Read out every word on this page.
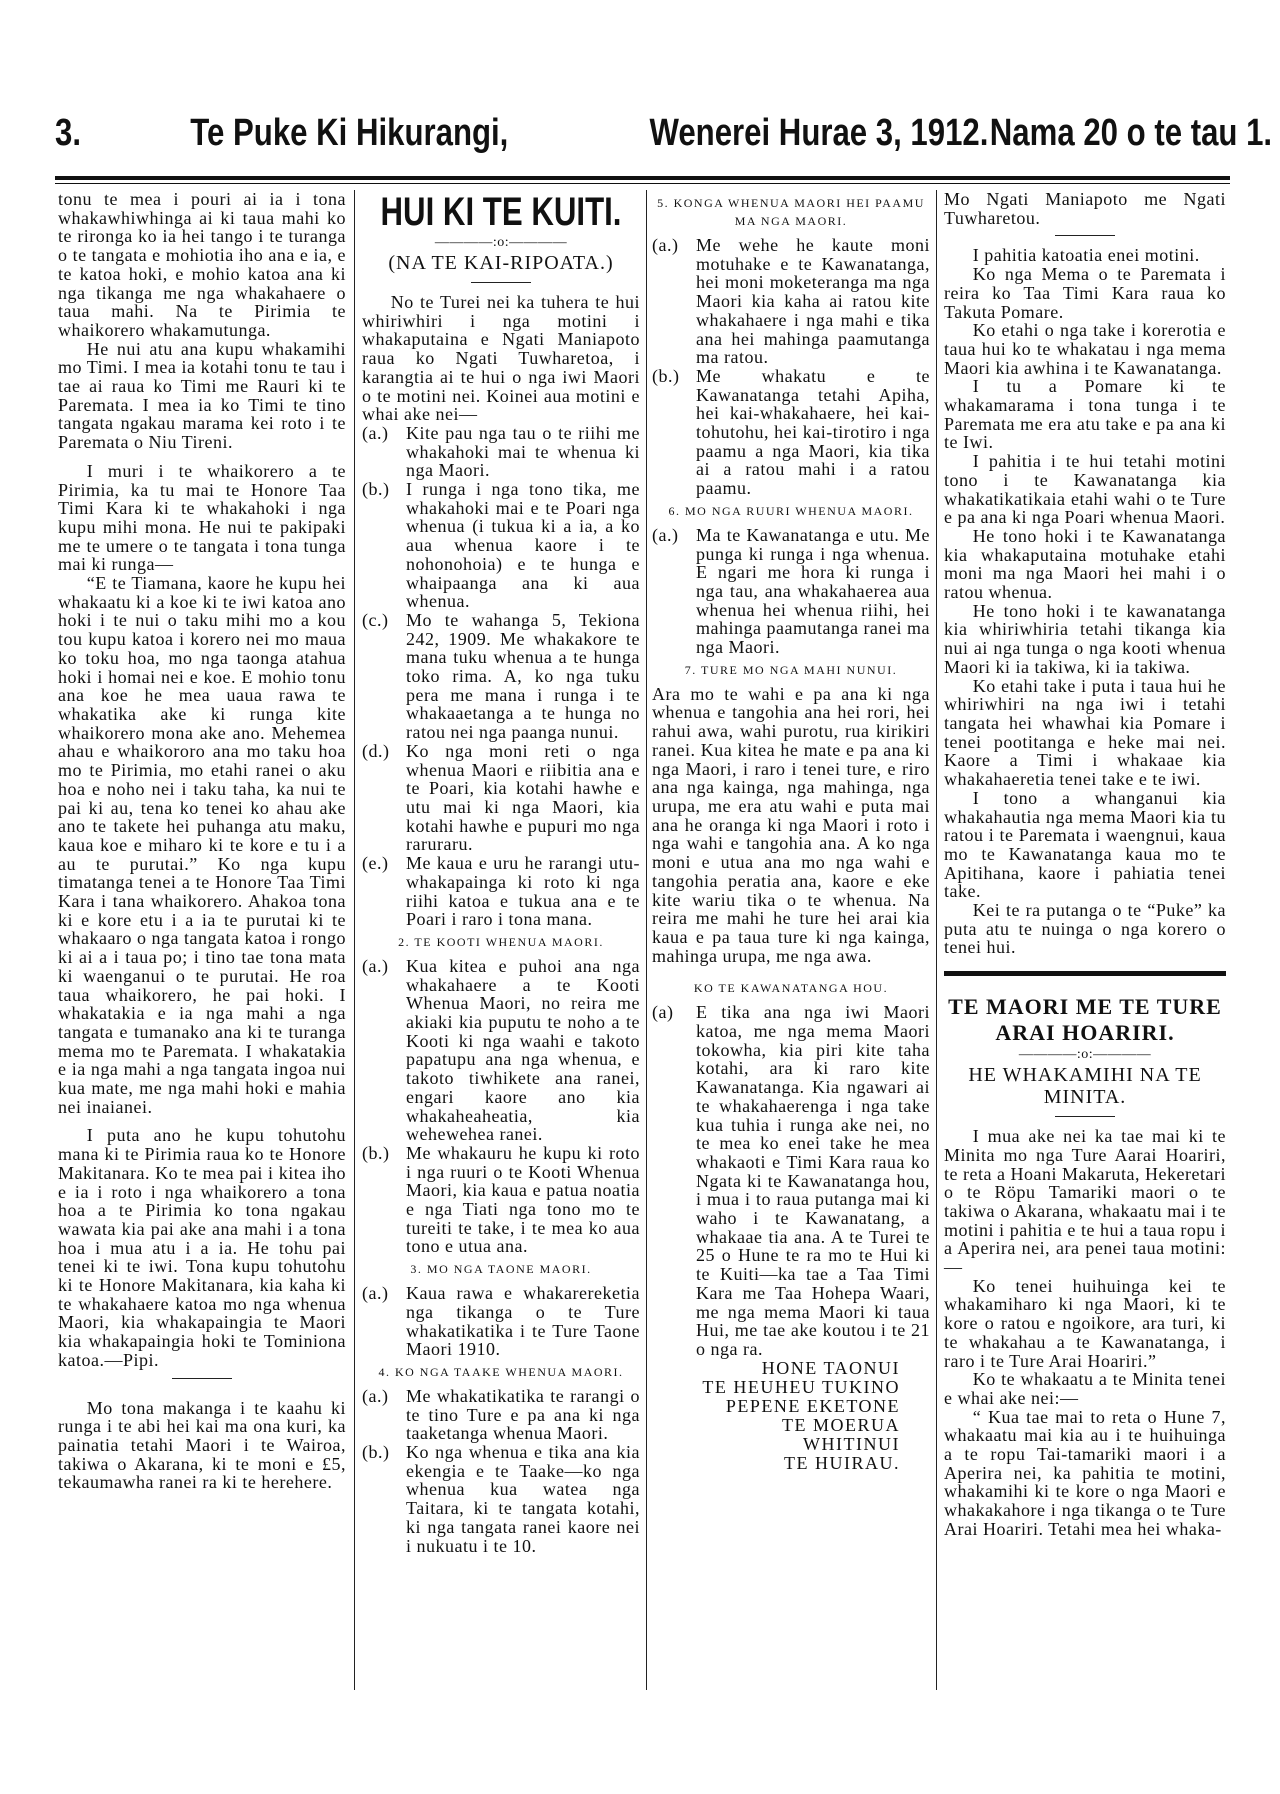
3.	Te Puke Ki Hikurangi,	Wenerei Hurae 3, 1912. Nama 20 o te tau 1.

tonu te mea i pouri ai ia i tona whakawhiwhinga ai ki taua mahi ko te rironga ko ia hei tango i te turanga o te tangata e mohiotia iho ana e ia, e te katoa hoki, e mohio katoa ana ki nga tikanga me nga whakahaere o taua mahi. Na te Pirimia te whaikorero whakamutunga.

He nui atu ana kupu whakamihi mo Timi. I mea ia kotahi tonu te tau i tae ai raua ko Timi me Rauri ki te Paremata. I mea ia ko Timi te tino tangata ngakau marama kei roto i te Paremata o Niu Tireni.

I muri i te whaikorero a te Pirimia, ka tu mai te Honore Taa Timi Kara ki te whakahoki i nga kupu mihi mona. He nui te pakipaki me te umere o te tangata i tona tunga mai ki runga—

“E te Tiamana, kaore he kupu hei whakaatu ki a koe ki te iwi katoa ano hoki i te nui o taku mihi mo a kou tou kupu katoa i korero nei mo maua ko toku hoa, mo nga taonga atahua hoki i homai nei e koe. E mohio tonu ana koe he mea uaua rawa te whakatika ake ki runga kite whaikorero mona ake ano. Mehemea ahau e whaikororo ana mo taku hoa mo te Pirimia, mo etahi ranei o aku hoa e noho nei i taku taha, ka nui te pai ki au, tena ko tenei ko ahau ake ano te takete hei puhanga atu maku, kaua koe e miharo ki te kore e tu i a au te purutai.” Ko nga kupu timatanga tenei a te Honore Taa Timi Kara i tana whaikorero. Ahakoa tona ki e kore etu i a ia te purutai ki te whakaaro o nga tangata katoa i rongo ki ai a i taua po; i tino tae tona mata ki waenganui o te purutai. He roa taua whaikorero, he pai hoki. I whakatakia e ia nga mahi a nga tangata e tumanako ana ki te turanga mema mo te Paremata. I whakatakia e ia nga mahi a nga tangata ingoa nui kua mate, me nga mahi hoki e mahia nei inaianei.

I puta ano he kupu tohutohu mana ki te Pirimia raua ko te Honore Makitanara. Ko te mea pai i kitea iho e ia i roto i nga whaikorero a tona hoa a te Pirimia ko tona ngakau wawata kia pai ake ana mahi i a tona hoa i mua atu i a ia. He tohu pai tenei ki te iwi. Tona kupu tohutohu ki te Honore Makitanara, kia kaha ki te whakahaere katoa mo nga whenua Maori, kia whakapaingia te Maori kia whakapaingia hoki te Tominiona katoa.—Pipi.

Mo tona makanga i te kaahu ki runga i te abi hei kai ma ona kuri, ka painatia tetahi Maori i te Wairoa, takiwa o Akarana, ki te moni e £5, tekaumawha ranei ra ki te herehere.

HUI KI TE KUITI.
————:o:————
(NA TE KAI-RIPOATA.)

No te Turei nei ka tuhera te hui whiriwhiri i nga motini i whakaputaina e Ngati Maniapoto raua ko Ngati Tuwharetoa, i karangtia ai te hui o nga iwi Maori o te motini nei. Koinei aua motini e whai ake nei—

(a.) Kite pau nga tau o te riihi me whakahoki mai te whenua ki nga Maori.
(b.) I runga i nga tono tika, me whakahoki mai e te Poari nga whenua (i tukua ki a ia, a ko aua whenua kaore i te nohonohoia) e te hunga e whaipaanga ana ki aua whenua.
(c.) Mo te wahanga 5, Tekiona 242, 1909. Me whakakore te mana tuku whenua a te hunga toko rima. A, ko nga tuku pera me mana i runga i te whakaaetanga a te hunga no ratou nei nga paanga nunui.
(d.) Ko nga moni reti o nga whenua Maori e riibitia ana e te Poari, kia kotahi hawhe e utu mai ki nga Maori, kia kotahi hawhe e pupuri mo nga raruraru.
(e.) Me kaua e uru he rarangi utu-whakapainga ki roto ki nga riihi katoa e tukua ana e te Poari i raro i tona mana.
2. TE KOOTI WHENUA MAORI.
(a.) Kua kitea e puhoi ana nga whakahaere a te Kooti Whenua Maori, no reira me akiaki kia puputu te noho a te Kooti ki nga waahi e takoto papatupu ana nga whenua, e takoto tiwhikete ana ranei, engari kaore ano kia whakaheaheatia, kia wehewehea ranei.
(b.) Me whakauru he kupu ki roto i nga ruuri o te Kooti Whenua Maori, kia kaua e patua noatia e nga Tiati nga tono mo te tureiti te take, i te mea ko aua tono e utua ana.
3. MO NGA TAONE MAORI.
(a.) Kaua rawa e whakarereketia nga tikanga o te Ture whakatikatika i te Ture Taone Maori 1910.
4. KO NGA TAAKE WHENUA MAORI.
(a.) Me whakatikatika te rarangi o te tino Ture e pa ana ki nga taaketanga whenua Maori.
(b.) Ko nga whenua e tika ana kia ekengia e te Taake—ko nga whenua kua watea nga Taitara, ki te tangata kotahi, ki nga tangata ranei kaore nei i nukuatu i te 10.
5. KONGA WHENUA MAORI HEI PAAMU MA NGA MAORI.
(a.) Me wehe he kaute moni motuhake e te Kawanatanga, hei moni moketeranga ma nga Maori kia kaha ai ratou kite whakahaere i nga mahi e tika ana hei mahinga paamutanga ma ratou.
(b.) Me whakatu e te Kawanatanga tetahi Apiha, hei kai-whakahaere, hei kai-tohutohu, hei kai-tirotiro i nga paamu a nga Maori, kia tika ai a ratou mahi i a ratou paamu.
6. MO NGA RUURI WHENUA MAORI.
(a.) Ma te Kawanatanga e utu. Me punga ki runga i nga whenua. E ngari me hora ki runga i nga tau, ana whakahaerea aua whenua hei whenua riihi, hei mahinga paamutanga ranei ma nga Maori.
7. TURE MO NGA MAHI NUNUI.

Ara mo te wahi e pa ana ki nga whenua e tangohia ana hei rori, hei rahui awa, wahi purotu, rua kirikiri ranei. Kua kitea he mate e pa ana ki nga Maori, i raro i tenei ture, e riro ana nga kainga, nga mahinga, nga urupa, me era atu wahi e puta mai ana he oranga ki nga Maori i roto i nga wahi e tangohia ana. A ko nga moni e utua ana mo nga wahi e tangohia peratia ana, kaore e eke kite wariu tika o te whenua. Na reira me mahi he ture hei arai kia kaua e pa taua ture ki nga kainga, mahinga urupa, me nga awa.

KO TE KAWANATANGA HOU.
(a)	E tika ana nga iwi Maori katoa, me nga mema Maori tokowha, kia piri kite taha kotahi, ara ki raro kite Kawanatanga. Kia ngawari ai te whakahaerenga i nga take kua tuhia i runga ake nei, no te mea ko enei take he mea whakaoti e Timi Kara raua ko Ngata ki te Kawanatanga hou, i mua i to raua putanga mai ki waho i te Kawanatang, a whakaae tia ana. A te Turei te 25 o Hune te ra mo te Hui ki te Kuiti—ka tae a Taa Timi Kara me Taa Hohepa Waari, me nga mema Maori ki taua Hui, me tae ake koutou i te 21 o nga ra.
HONE TAONUI
TE HEUHEU TUKINO
PEPENE EKETONE
TE MOERUA
WHITINUI
TE HUIRAU.

Mo Ngati Maniapoto me Ngati Tuwharetou.

I pahitia katoatia enei motini.

Ko nga Mema o te Paremata i reira ko Taa Timi Kara raua ko Takuta Pomare.

Ko etahi o nga take i korerotia e taua hui ko te whakatau i nga mema Maori kia awhina i te Kawanatanga.

I tu a Pomare ki te whakamarama i tona tunga i te Paremata me era atu take e pa ana ki te Iwi.

I pahitia i te hui tetahi motini tono i te Kawanatanga kia whakatikatikaia etahi wahi o te Ture e pa ana ki nga Poari whenua Maori.

He tono hoki i te Kawanatanga kia whakaputaina motuhake etahi moni ma nga Maori hei mahi i o ratou whenua.

He tono hoki i te kawanatanga kia whiriwhiria tetahi tikanga kia nui ai nga tunga o nga kooti whenua Maori ki ia takiwa, ki ia takiwa.

Ko etahi take i puta i taua hui he whiriwhiri na nga iwi i tetahi tangata hei whawhai kia Pomare i tenei pootitanga e heke mai nei. Kaore a Timi i whakaae kia whakahaeretia tenei take e te iwi.

I tono a whanganui kia whakahautia nga mema Maori kia tu ratou i te Paremata i waengnui, kaua mo te Kawanatanga kaua mo te Apitihana, kaore i pahiatia tenei take.

Kei te ra putanga o te “Puke” ka puta atu te nuinga o nga korero o tenei hui.

TE MAORI ME TE TURE ARAI HOARIRI.
————:o:————
HE WHAKAMIHI NA TE MINITA.

I mua ake nei ka tae mai ki te Minita mo nga Ture Aarai Hoariri, te reta a Hoani Makaruta, Hekeretari o te Röpu Tamariki maori o te takiwa o Akarana, whakaatu mai i te motini i pahitia e te hui a taua ropu i a Aperira nei, ara penei taua motini:—

Ko tenei huihuinga kei te whakamiharo ki nga Maori, ki te kore o ratou e ngoikore, ara turi, ki te whakahau a te Kawanatanga, i raro i te Ture Arai Hoariri.”

Ko te whakaatu a te Minita tenei e whai ake nei:—

“ Kua tae mai to reta o Hune 7, whakaatu mai kia au i te huihuinga a te ropu Tai-tamariki maori i a Aperira nei, ka pahitia te motini, whakamihi ki te kore o nga Maori e whakakahore i nga tikanga o te Ture Arai Hoariri. Tetahi mea hei whaka-
